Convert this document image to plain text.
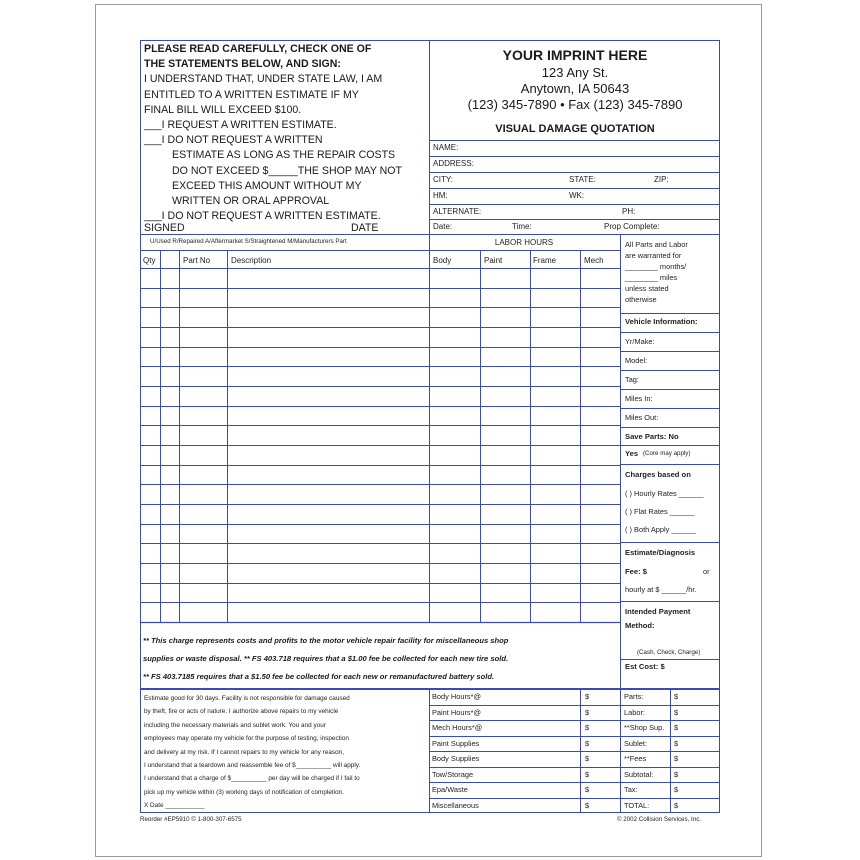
PLEASE READ CAREFULLY, CHECK ONE OF
THE STATEMENTS BELOW, AND SIGN:
I UNDERSTAND THAT, UNDER STATE LAW, I AM
ENTITLED TO A WRITTEN ESTIMATE IF MY
FINAL BILL WILL EXCEED $100.
___I REQUEST A WRITTEN ESTIMATE.
___I DO NOT REQUEST A WRITTEN
ESTIMATE AS LONG AS THE REPAIR COSTS
DO NOT EXCEED $_____THE SHOP MAY NOT
EXCEED THIS AMOUNT WITHOUT MY
WRITTEN OR ORAL APPROVAL
___I DO NOT REQUEST A WRITTEN ESTIMATE.
SIGNED	DATE
YOUR IMPRINT HERE
123 Any St.
Anytown, IA 50643
(123) 345-7890 • Fax (123) 345-7890
VISUAL DAMAGE QUOTATION
NAME:
ADDRESS:
CITY:	STATE:	ZIP:
HM:	WK:
ALTERNATE:	PH:
Date:	Time:	Prop Complete:
U/Used R/Repaired A/Aftermarket S/Straightened M/Manufacturers Part	LABOR HOURS
Qty	Part No	Description	Body	Paint	Frame	Mech
All Parts and Labor
are warranted for
________ months/
________ miles
unless stated
otherwise
Vehicle Information:
Yr/Make:
Model:
Tag:
Miles In:
Miles Out:
Save Parts: No
Yes (Core may apply)
Charges based on
( ) Hourly Rates ______
( ) Flat Rates ______
( ) Both Apply ______
Estimate/Diagnosis
Fee: $	or
hourly at $ ______/hr.
Intended Payment
Method:
(Cash, Check, Charge)
Est Cost: $
** This charge represents costs and profits to the motor vehicle repair facility for miscellaneous shop
supplies or waste disposal. ** FS 403.718 requires that a $1.00 fee be collected for each new tire sold.
** FS 403.7185 requires that a $1.50 fee be collected for each new or remanufactured battery sold.
Estimate good for 30 days. Facility is not responsible for damage caused
by theft, fire or acts of nature. I authorize above repairs to my vehicle
including the necessary materials and sublet work. You and your
employees may operate my vehicle for the purpose of testing, inspection
and delivery at my risk. If I cannot repairs to my vehicle for any reason,
I understand that a teardown and reassemble fee of $__________ will apply.
I understand that a charge of $__________ per day will be charged if I fail to
pick up my vehicle within (3) working days of notification of completion.
X Date ___________
Body Hours*@	$	Parts:	$
Paint Hours*@	$	Labor:	$
Mech Hours*@	$	**Shop Sup. $
Paint Supplies	$	Sublet:	$
Body Supplies	$	**Fees	$
Tow/Storage	$	Subtotal:	$
Epa/Waste	$	Tax:	$
Miscellaneous	$	TOTAL:	$
Reorder #EP5910 © 1-800-307-6575	© 2002 Collision Services, Inc.
